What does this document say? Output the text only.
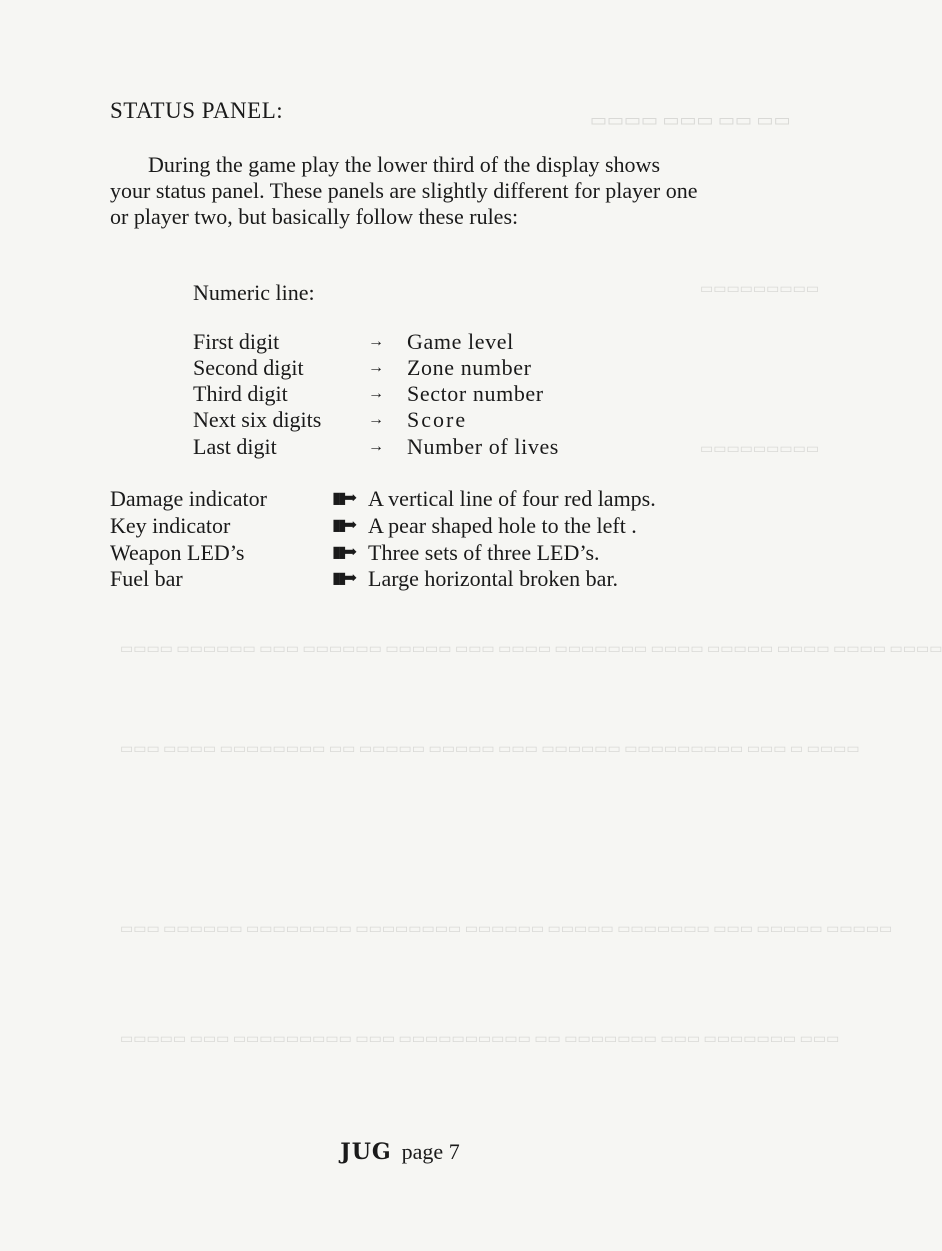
▭▭▭▭ ▭▭▭ ▭▭ ▭▭
▭▭▭▭▭▭▭▭▭
▭▭▭▭▭▭▭▭▭
▭▭▭▭ ▭▭▭▭▭▭ ▭▭▭ ▭▭▭▭▭▭ ▭▭▭▭▭ ▭▭▭ ▭▭▭▭ ▭▭▭▭▭▭▭ ▭▭▭▭ ▭▭▭▭▭ ▭▭▭▭ ▭▭▭▭ ▭▭▭▭
▭▭▭ ▭▭▭▭ ▭▭▭▭▭▭▭▭ ▭▭ ▭▭▭▭▭ ▭▭▭▭▭ ▭▭▭ ▭▭▭▭▭▭ ▭▭▭▭▭▭▭▭▭ ▭▭▭ ▭ ▭▭▭▭
▭▭▭ ▭▭▭▭▭▭ ▭▭▭▭▭▭▭▭ ▭▭▭▭▭▭▭▭ ▭▭▭▭▭▭ ▭▭▭▭▭ ▭▭▭▭▭▭▭ ▭▭▭ ▭▭▭▭▭ ▭▭▭▭▭
▭▭▭▭▭ ▭▭▭ ▭▭▭▭▭▭▭▭▭ ▭▭▭ ▭▭▭▭▭▭▭▭▭▭ ▭▭ ▭▭▭▭▭▭▭ ▭▭▭ ▭▭▭▭▭▭▭ ▭▭▭
STATUS PANEL:
During the game play the lower third of the display shows your status panel. These panels are slightly different for player one or player two, but basically follow these rules:
Numeric line:
First digit	→ Game level
Second digit	→ Zone number
Third digit	→ Sector number
Next six digits	→ Score
Last digit	→ Number of lives
Damage indicator	▮▮➡ A vertical line of four red lamps.
Key indicator	▮▮➡ A pear shaped hole to the left .
Weapon LED’s	▮▮➡ Three sets of three LED’s.
Fuel bar	▮▮➡ Large horizontal broken bar.
JUG page 7
